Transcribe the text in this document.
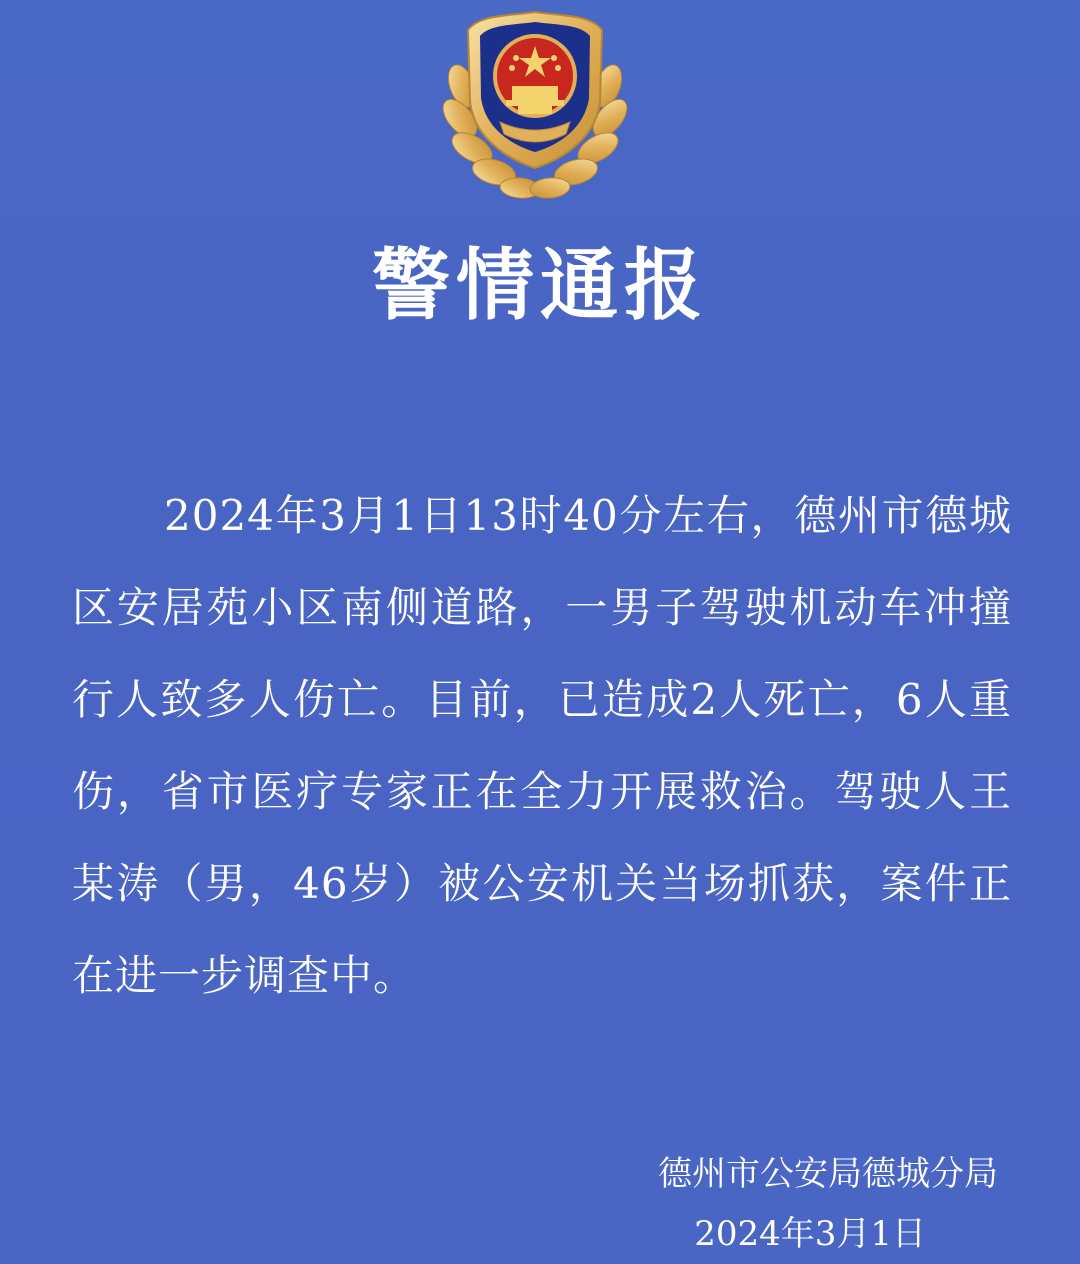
警情通报

2024年3月1日13时40分左右，德州市德城区安居苑小区南侧道路，一男子驾驶机动车冲撞行人致多人伤亡。目前，已造成2人死亡，6人重伤，省市医疗专家正在全力开展救治。驾驶人王某涛（男，46岁）被公安机关当场抓获，案件正在进一步调查中。

德州市公安局德城分局
2024年3月1日
